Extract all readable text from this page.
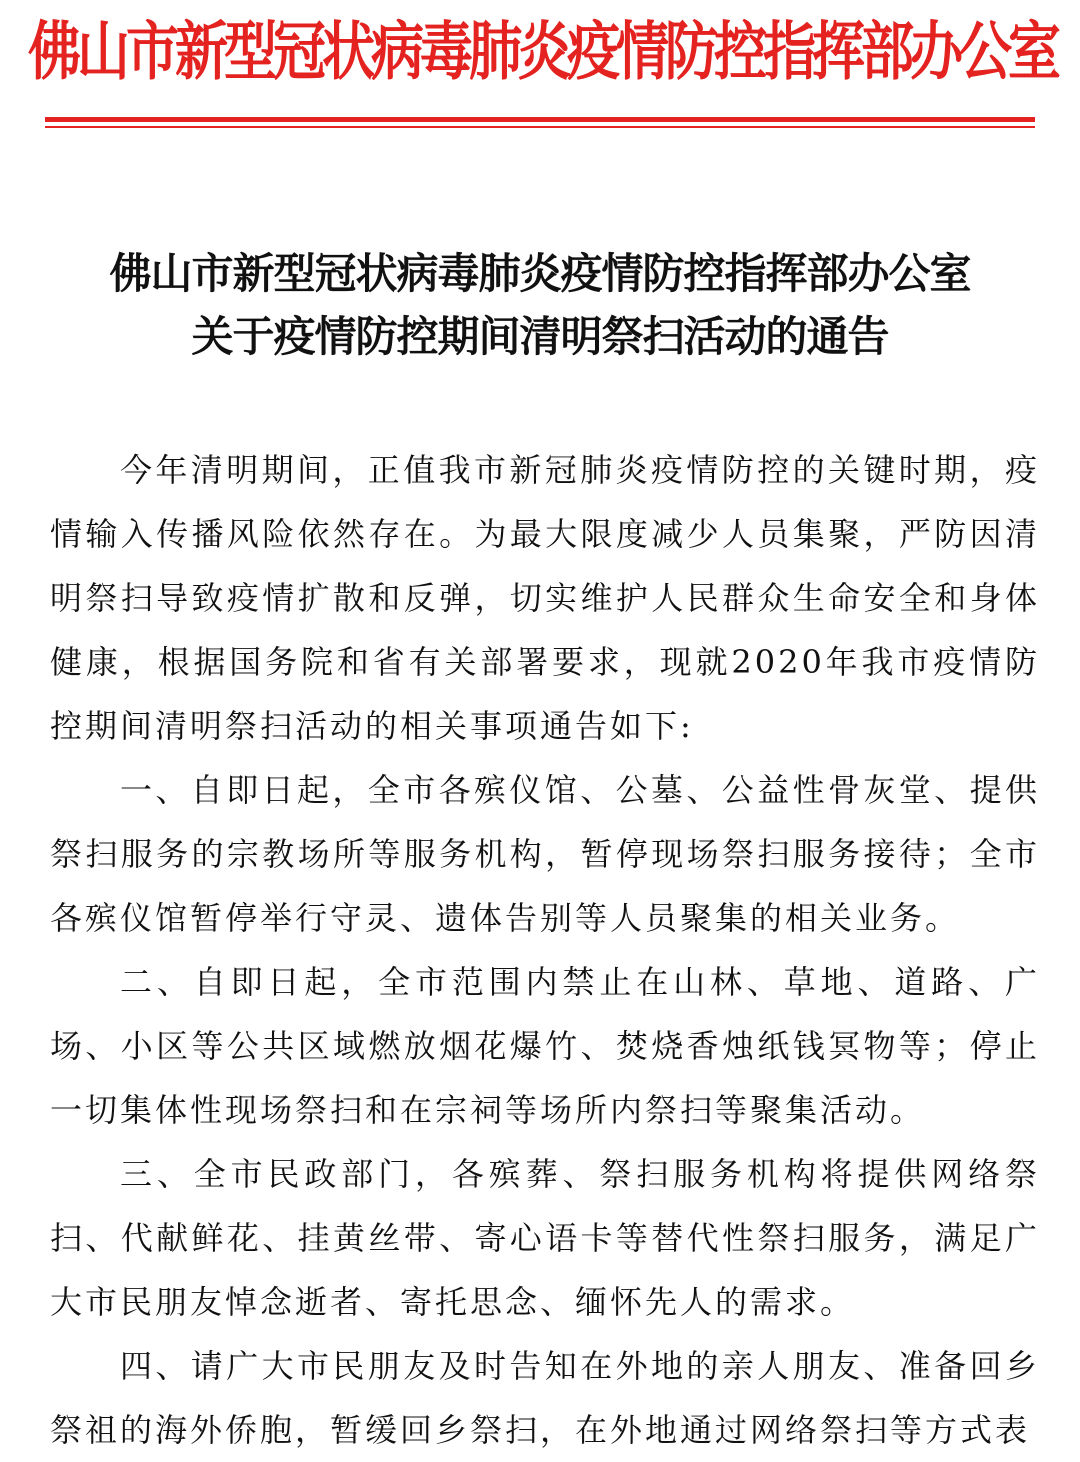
佛山市新型冠状病毒肺炎疫情防控指挥部办公室
佛山市新型冠状病毒肺炎疫情防控指挥部办公室
关于疫情防控期间清明祭扫活动的通告

今年清明期间，正值我市新冠肺炎疫情防控的关键时期，疫情输入传播风险依然存在。为最大限度减少人员集聚，严防因清明祭扫导致疫情扩散和反弹，切实维护人民群众生命安全和身体健康，根据国务院和省有关部署要求，现就2020年我市疫情防控期间清明祭扫活动的相关事项通告如下:

一、自即日起，全市各殡仪馆、公墓、公益性骨灰堂、提供祭扫服务的宗教场所等服务机构，暂停现场祭扫服务接待；全市各殡仪馆暂停举行守灵、遗体告别等人员聚集的相关业务。

二、自即日起，全市范围内禁止在山林、草地、道路、广场、小区等公共区域燃放烟花爆竹、焚烧香烛纸钱冥物等；停止一切集体性现场祭扫和在宗祠等场所内祭扫等聚集活动。

三、全市民政部门，各殡葬、祭扫服务机构将提供网络祭扫、代献鲜花、挂黄丝带、寄心语卡等替代性祭扫服务，满足广大市民朋友悼念逝者、寄托思念、缅怀先人的需求。

四、请广大市民朋友及时告知在外地的亲人朋友、准备回乡祭祖的海外侨胞，暂缓回乡祭扫，在外地通过网络祭扫等方式表
